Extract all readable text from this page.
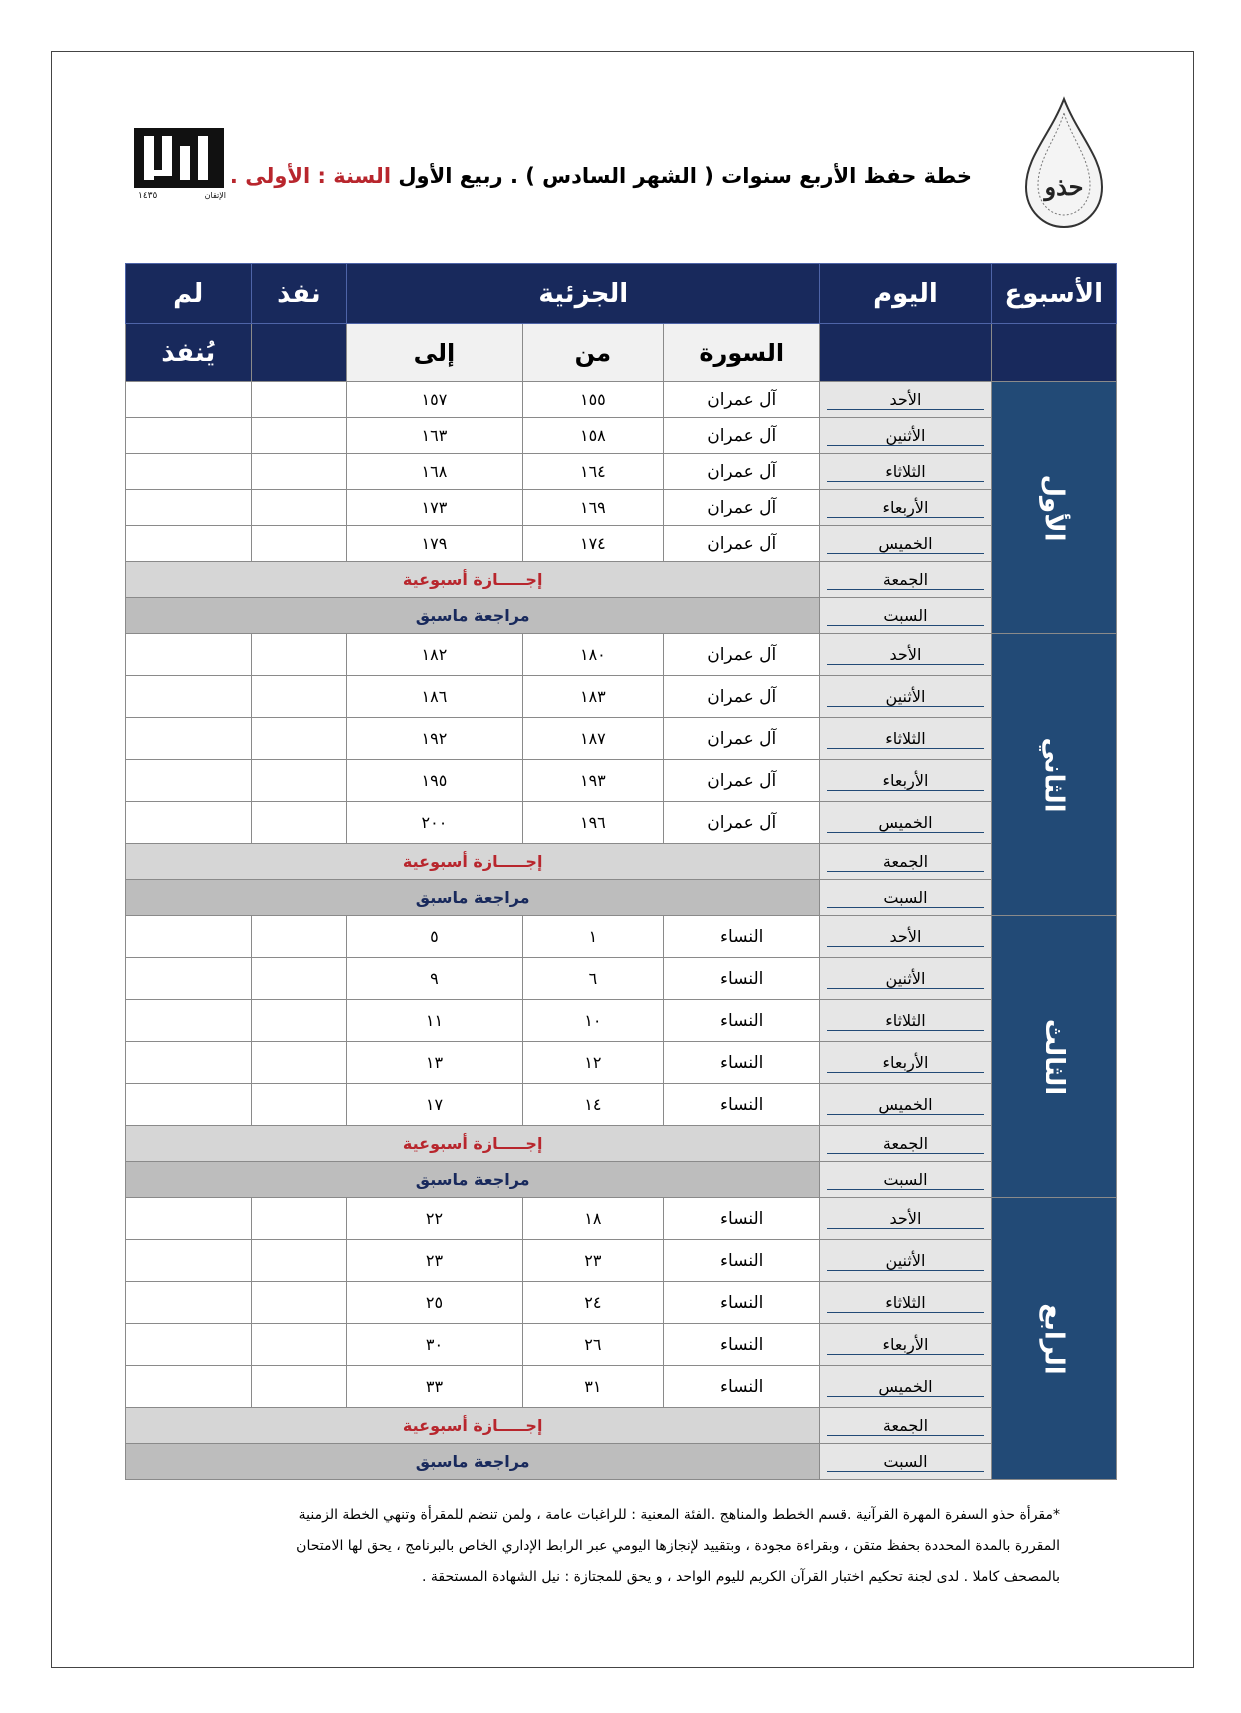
حذو
١٤٣٥	الإتقان
خطة حفظ الأربع سنوات ( الشهر السادس ) . ربيع الأول السنة : الأولى .
الأسبوع	اليوم	الجزئية			نفذ	لم
		السورة	من	إلى		يُنفذ
الأول	الأحد	آل عمران	١٥٥	١٥٧		
	الأثنين	آل عمران	١٥٨	١٦٣		
	الثلاثاء	آل عمران	١٦٤	١٦٨		
	الأربعاء	آل عمران	١٦٩	١٧٣		
	الخميس	آل عمران	١٧٤	١٧٩		
	الجمعة	إجـــــازة أسبوعية				
	السبت	مراجعة ماسبق				
الثاني	الأحد	آل عمران	١٨٠	١٨٢		
	الأثنين	آل عمران	١٨٣	١٨٦		
	الثلاثاء	آل عمران	١٨٧	١٩٢		
	الأربعاء	آل عمران	١٩٣	١٩٥		
	الخميس	آل عمران	١٩٦	٢٠٠		
	الجمعة	إجـــــازة أسبوعية				
	السبت	مراجعة ماسبق				
الثالث	الأحد	النساء	١	٥		
	الأثنين	النساء	٦	٩		
	الثلاثاء	النساء	١٠	١١		
	الأربعاء	النساء	١٢	١٣		
	الخميس	النساء	١٤	١٧		
	الجمعة	إجـــــازة أسبوعية				
	السبت	مراجعة ماسبق				
الرابع	الأحد	النساء	١٨	٢٢		
	الأثنين	النساء	٢٣	٢٣		
	الثلاثاء	النساء	٢٤	٢٥		
	الأربعاء	النساء	٢٦	٣٠		
	الخميس	النساء	٣١	٣٣		
	الجمعة	إجـــــازة أسبوعية				
	السبت	مراجعة ماسبق				

*مقرأة حذو السفرة المهرة القرآنية .قسم الخطط والمناهج .الفئة المعنية : للراغبات عامة ، ولمن تنضم للمقرأة وتنهي الخطة الزمنية

المقررة بالمدة المحددة بحفظ متقن ، وبقراءة مجودة ، وبتقييد لإنجازها اليومي عبر الرابط الإداري الخاص بالبرنامج ، يحق لها الامتحان

بالمصحف كاملا . لدى لجنة تحكيم اختبار القرآن الكريم لليوم الواحد ، و يحق للمجتازة : نيل الشهادة المستحقة .
